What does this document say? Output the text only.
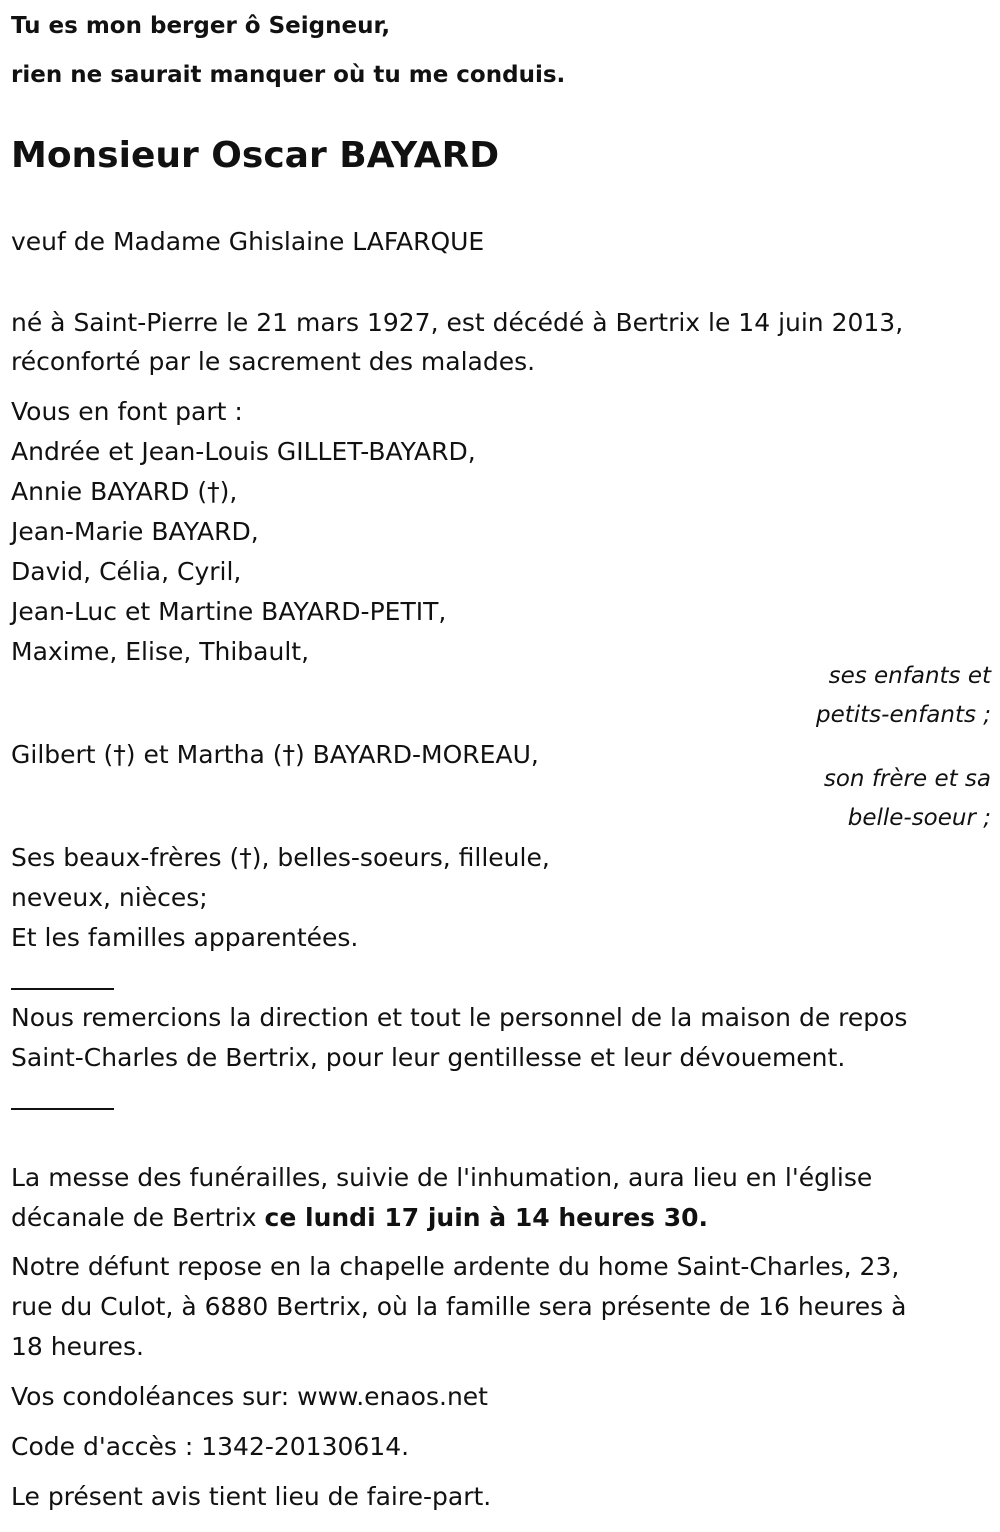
Tu es mon berger ô Seigneur,
rien ne saurait manquer où tu me conduis.
Monsieur Oscar BAYARD
veuf de Madame Ghislaine LAFARQUE
né à Saint-Pierre le 21 mars 1927, est décédé à Bertrix le 14 juin 2013,
réconforté par le sacrement des malades.
Vous en font part :
Andrée et Jean-Louis GILLET-BAYARD,
Annie BAYARD (†),
Jean-Marie BAYARD,
David, Célia, Cyril,
Jean-Luc et Martine BAYARD-PETIT,
Maxime, Elise, Thibault,
ses enfants et
petits-enfants ;
Gilbert (†) et Martha (†) BAYARD-MOREAU,
son frère et sa
belle-soeur ;
Ses beaux-frères (†), belles-soeurs, filleule,
neveux, nièces;
Et les familles apparentées.
Nous remercions la direction et tout le personnel de la maison de repos
Saint-Charles de Bertrix, pour leur gentillesse et leur dévouement.
La messe des funérailles, suivie de l'inhumation, aura lieu en l'église
décanale de Bertrix ce lundi 17 juin à 14 heures 30.
Notre défunt repose en la chapelle ardente du home Saint-Charles, 23,
rue du Culot, à 6880 Bertrix, où la famille sera présente de 16 heures à
18 heures.
Vos condoléances sur: www.enaos.net
Code d'accès : 1342-20130614.
Le présent avis tient lieu de faire-part.
